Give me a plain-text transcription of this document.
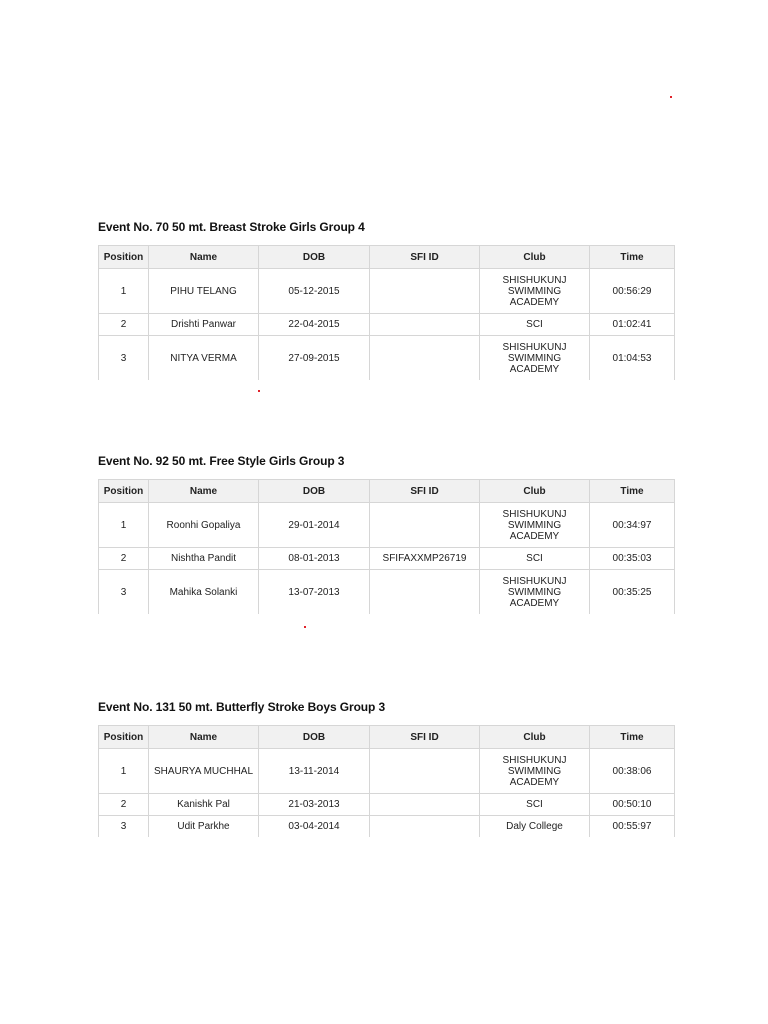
Event No. 70 50 mt. Breast Stroke Girls Group 4
Position	Name	DOB	SFI ID	Club	Time
1	PIHU TELANG	05-12-2015		SHISHUKUNJ
SWIMMING
ACADEMY	00:56:29
2	Drishti Panwar	22-04-2015		SCI	01:02:41
3	NITYA VERMA	27-09-2015		SHISHUKUNJ
SWIMMING
ACADEMY	01:04:53
Event No. 92 50 mt. Free Style Girls Group 3
Position	Name	DOB	SFI ID	Club	Time
1	Roonhi Gopaliya	29-01-2014		SHISHUKUNJ
SWIMMING
ACADEMY	00:34:97
2	Nishtha Pandit	08-01-2013	SFIFAXXMP26719	SCI	00:35:03
3	Mahika Solanki	13-07-2013		SHISHUKUNJ
SWIMMING
ACADEMY	00:35:25
Event No. 131 50 mt. Butterfly Stroke Boys Group 3
Position	Name	DOB	SFI ID	Club	Time
1	SHAURYA MUCHHAL	13-11-2014		SHISHUKUNJ
SWIMMING
ACADEMY	00:38:06
2	Kanishk Pal	21-03-2013		SCI	00:50:10
3	Udit Parkhe	03-04-2014		Daly College	00:55:97
